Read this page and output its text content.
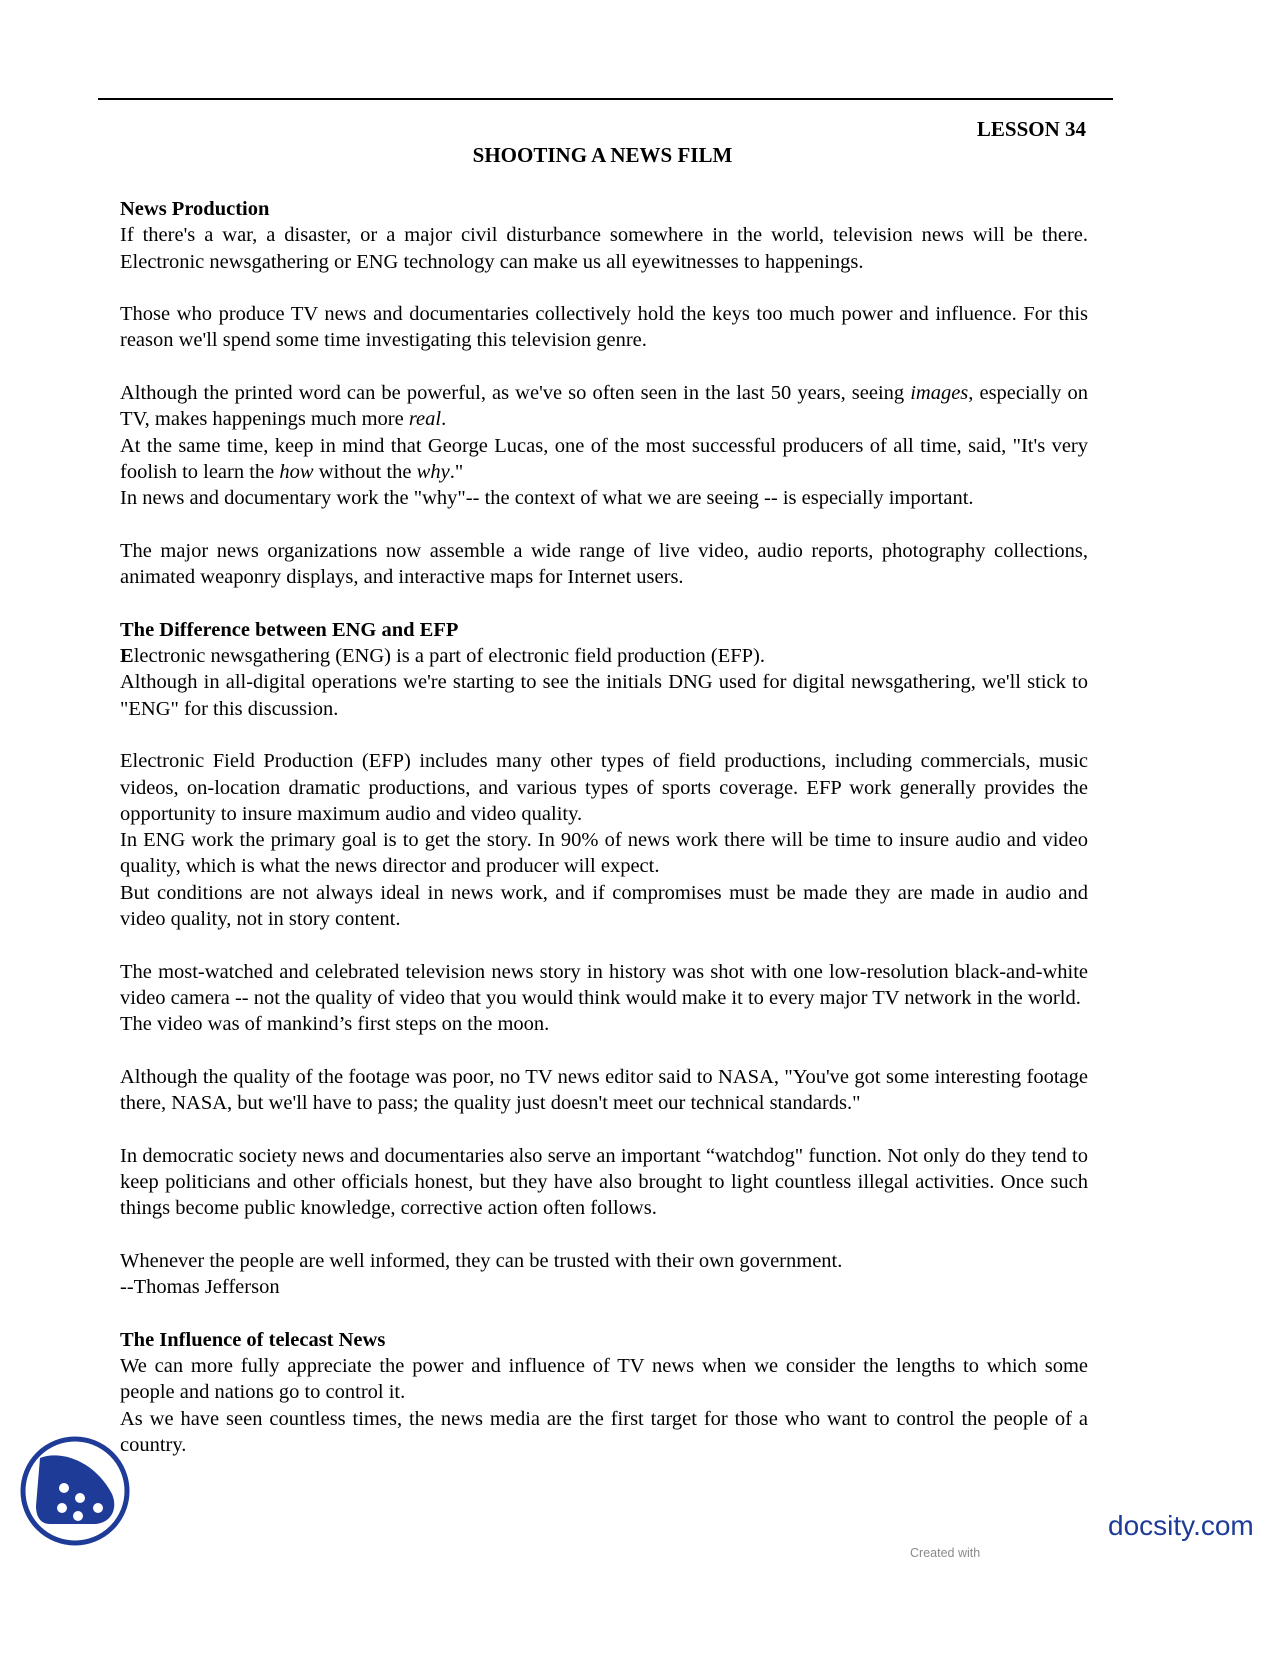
LESSON 34
SHOOTING A NEWS FILM
News Production
If there's a war, a disaster, or a major civil disturbance somewhere in the world, television news will be there. Electronic newsgathering or ENG technology can make us all eyewitnesses to happenings.
Those who produce TV news and documentaries collectively hold the keys too much power and influence. For this reason we'll spend some time investigating this television genre.
Although the printed word can be powerful, as we've so often seen in the last 50 years, seeing images, especially on TV, makes happenings much more real.
At the same time, keep in mind that George Lucas, one of the most successful producers of all time, said, "It's very foolish to learn the how without the why."
In news and documentary work the "why"-- the context of what we are seeing -- is especially important.
The major news organizations now assemble a wide range of live video, audio reports, photography collections, animated weaponry displays, and interactive maps for Internet users.
The Difference between ENG and EFP
Electronic newsgathering (ENG) is a part of electronic field production (EFP).
Although in all-digital operations we're starting to see the initials DNG used for digital newsgathering, we'll stick to "ENG" for this discussion.
Electronic Field Production (EFP) includes many other types of field productions, including commercials, music videos, on-location dramatic productions, and various types of sports coverage. EFP work generally provides the opportunity to insure maximum audio and video quality.
In ENG work the primary goal is to get the story. In 90% of news work there will be time to insure audio and video quality, which is what the news director and producer will expect.
But conditions are not always ideal in news work, and if compromises must be made they are made in audio and video quality, not in story content.
The most-watched and celebrated television news story in history was shot with one low-resolution black-and-white video camera -- not the quality of video that you would think would make it to every major TV network in the world.
The video was of mankind’s first steps on the moon.
Although the quality of the footage was poor, no TV news editor said to NASA, "You've got some interesting footage there, NASA, but we'll have to pass; the quality just doesn't meet our technical standards."
In democratic society news and documentaries also serve an important “watchdog" function. Not only do they tend to keep politicians and other officials honest, but they have also brought to light countless illegal activities. Once such things become public knowledge, corrective action often follows.
Whenever the people are well informed, they can be trusted with their own government.
--Thomas Jefferson
The Influence of telecast News
We can more fully appreciate the power and influence of TV news when we consider the lengths to which some people and nations go to control it.
As we have seen countless times, the news media are the first target for those who want to control the people of a country.
docsity.com
Created with
